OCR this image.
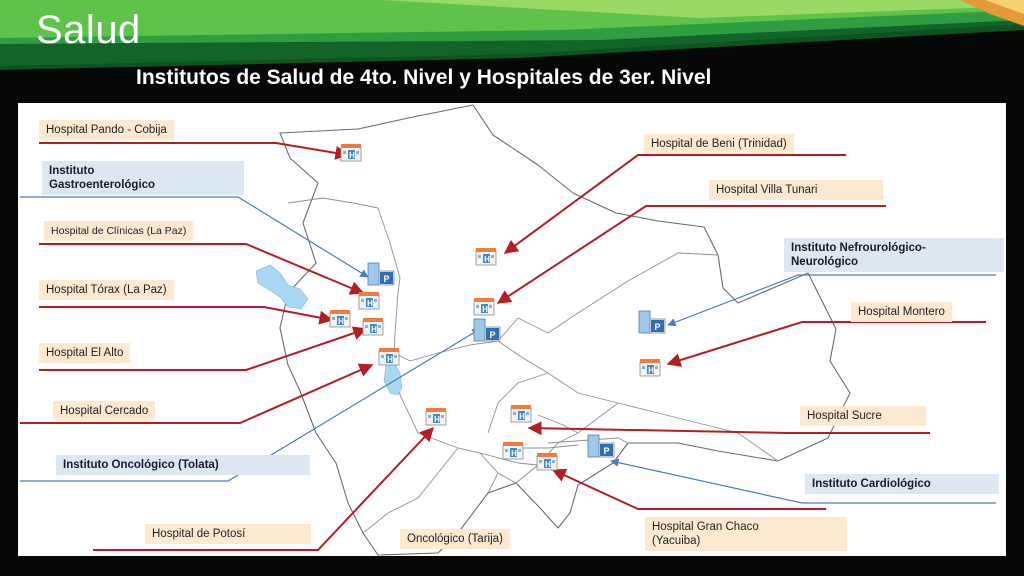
Salud
Institutos de Salud de 4to. Nivel y Hospitales de 3er. Nivel
H
H
H
H
H
H
H
H
H	H
H
H
P
P
P
P
Hospital Pando - Cobija
Instituto
Gastroenterológico
Hospital de Clínicas (La Paz)
Hospital Tórax (La Paz)
Hospital El Alto
Hospital Cercado
Instituto Oncológico (Tolata)
Hospital de Potosí	Oncológico (Tarija)
Hospital de Beni (Trinidad)
Hospital Villa Tunari
Instituto Nefrourológico-
Neurológico
Hospital Montero
Hospital Sucre
Instituto Cardiológico
Hospital Gran Chaco
(Yacuiba)
